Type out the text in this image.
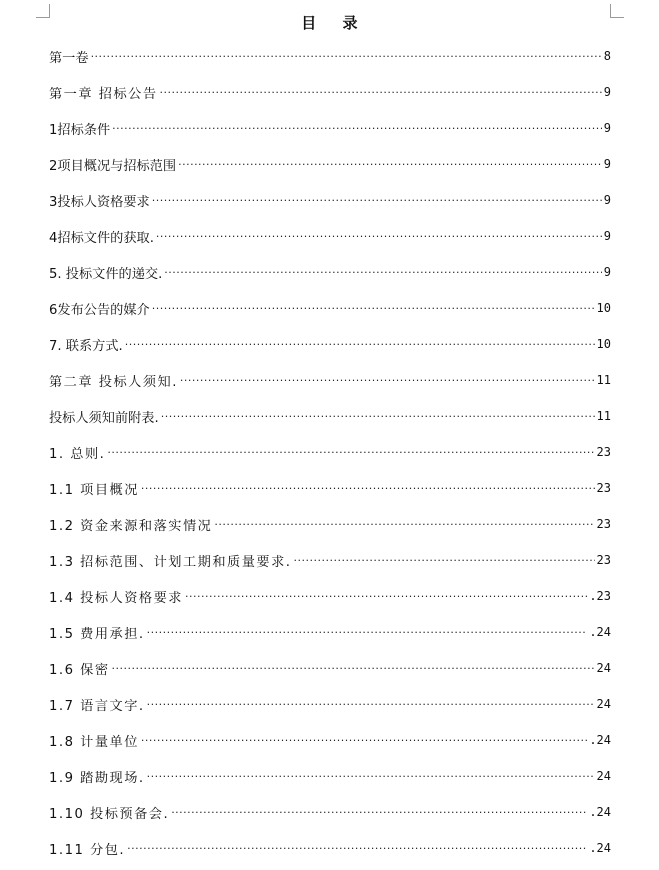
目 录
第一卷 ·····	8
第一章 招标公告 ·····	9
1招标条件 ·····	9
2项目概况与招标范围 ·····	9
3投标人资格要求 ·····	9
4招标文件的获取. ·····	9
5. 投标文件的递交. ·····	9
6发布公告的媒介 ·····	10
7. 联系方式. ·····	10
第二章 投标人须知. ·····	11
投标人须知前附表. ·····	11
1. 总则. ·····	23
1.1 项目概况 ·····	23
1.2 资金来源和落实情况 ·····	23
1.3 招标范围、计划工期和质量要求. ·····	23
1.4 投标人资格要求 ·····	.23
1.5 费用承担. ·····	.24
1.6 保密 ·····	24
1.7 语言文字. ·····	24
1.8 计量单位 ·····	.24
1.9 踏勘现场. ·····	24
1.10 投标预备会. ·····	.24
1.11 分包. ·····	.24
